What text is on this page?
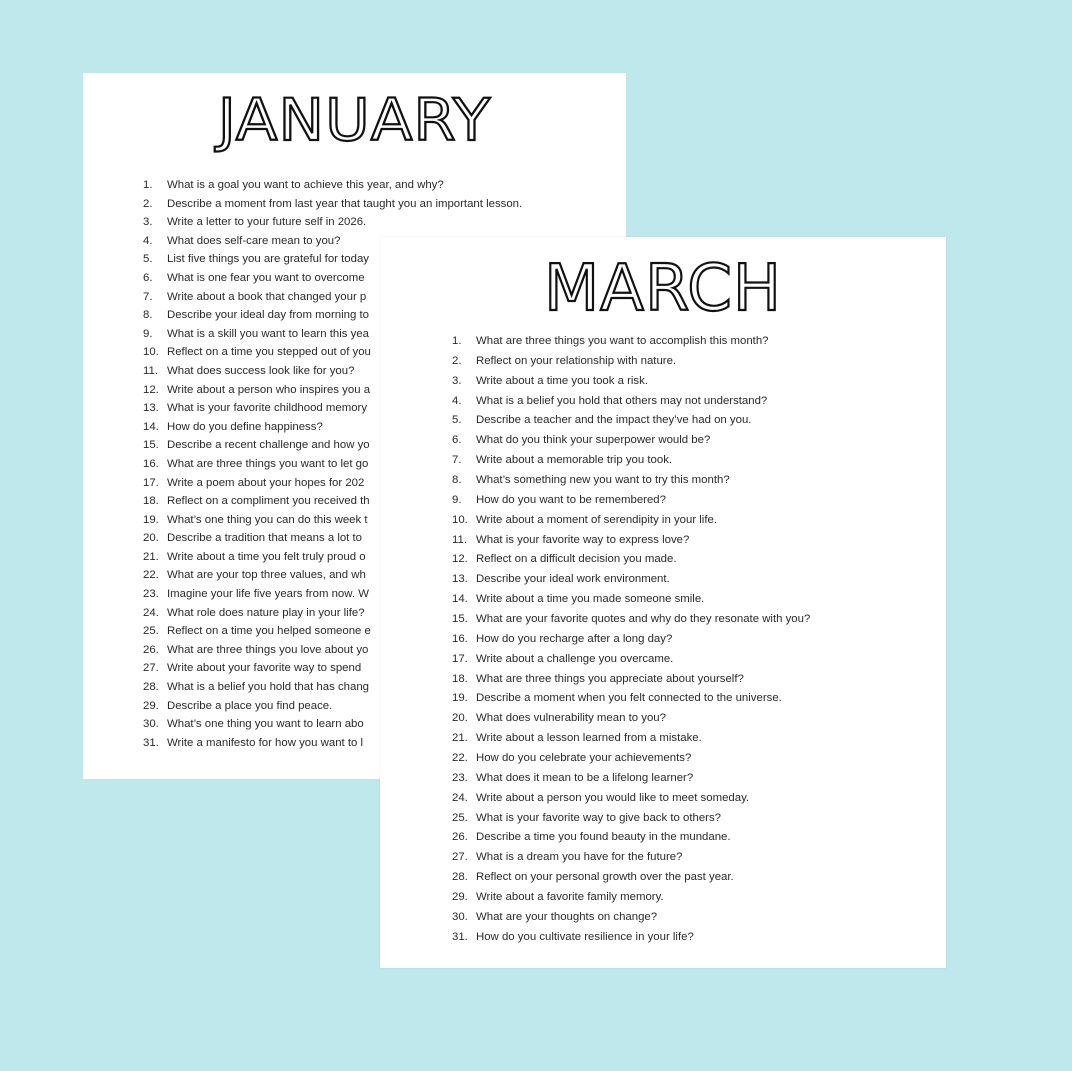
JANUARY
1.	What is a goal you want to achieve this year, and why?
2.	Describe a moment from last year that taught you an important lesson.
3.	Write a letter to your future self in 2026.
4.	What does self-care mean to you?
5.	List five things you are grateful for today
6.	What is one fear you want to overcome
7.	Write about a book that changed your p
8.	Describe your ideal day from morning to
9.	What is a skill you want to learn this yea
10. Reflect on a time you stepped out of you
11. What does success look like for you?
12. Write about a person who inspires you a
13. What is your favorite childhood memory
14. How do you define happiness?
15. Describe a recent challenge and how yo
16. What are three things you want to let go
17. Write a poem about your hopes for 202
18. Reflect on a compliment you received th
19. What’s one thing you can do this week t
20. Describe a tradition that means a lot to
21. Write about a time you felt truly proud o
22. What are your top three values, and wh
23. Imagine your life five years from now. W
24. What role does nature play in your life?
25. Reflect on a time you helped someone e
26. What are three things you love about yo
27. Write about your favorite way to spend
28. What is a belief you hold that has chang
29. Describe a place you find peace.
30. What’s one thing you want to learn abo
31. Write a manifesto for how you want to l
MARCH
1.	What are three things you want to accomplish this month?
2.	Reflect on your relationship with nature.
3.	Write about a time you took a risk.
4.	What is a belief you hold that others may not understand?
5.	Describe a teacher and the impact they’ve had on you.
6.	What do you think your superpower would be?
7.	Write about a memorable trip you took.
8.	What’s something new you want to try this month?
9.	How do you want to be remembered?
10. Write about a moment of serendipity in your life.
11. What is your favorite way to express love?
12. Reflect on a difficult decision you made.
13. Describe your ideal work environment.
14. Write about a time you made someone smile.
15. What are your favorite quotes and why do they resonate with you?
16. How do you recharge after a long day?
17. Write about a challenge you overcame.
18. What are three things you appreciate about yourself?
19. Describe a moment when you felt connected to the universe.
20. What does vulnerability mean to you?
21. Write about a lesson learned from a mistake.
22. How do you celebrate your achievements?
23. What does it mean to be a lifelong learner?
24. Write about a person you would like to meet someday.
25. What is your favorite way to give back to others?
26. Describe a time you found beauty in the mundane.
27. What is a dream you have for the future?
28. Reflect on your personal growth over the past year.
29. Write about a favorite family memory.
30. What are your thoughts on change?
31. How do you cultivate resilience in your life?
